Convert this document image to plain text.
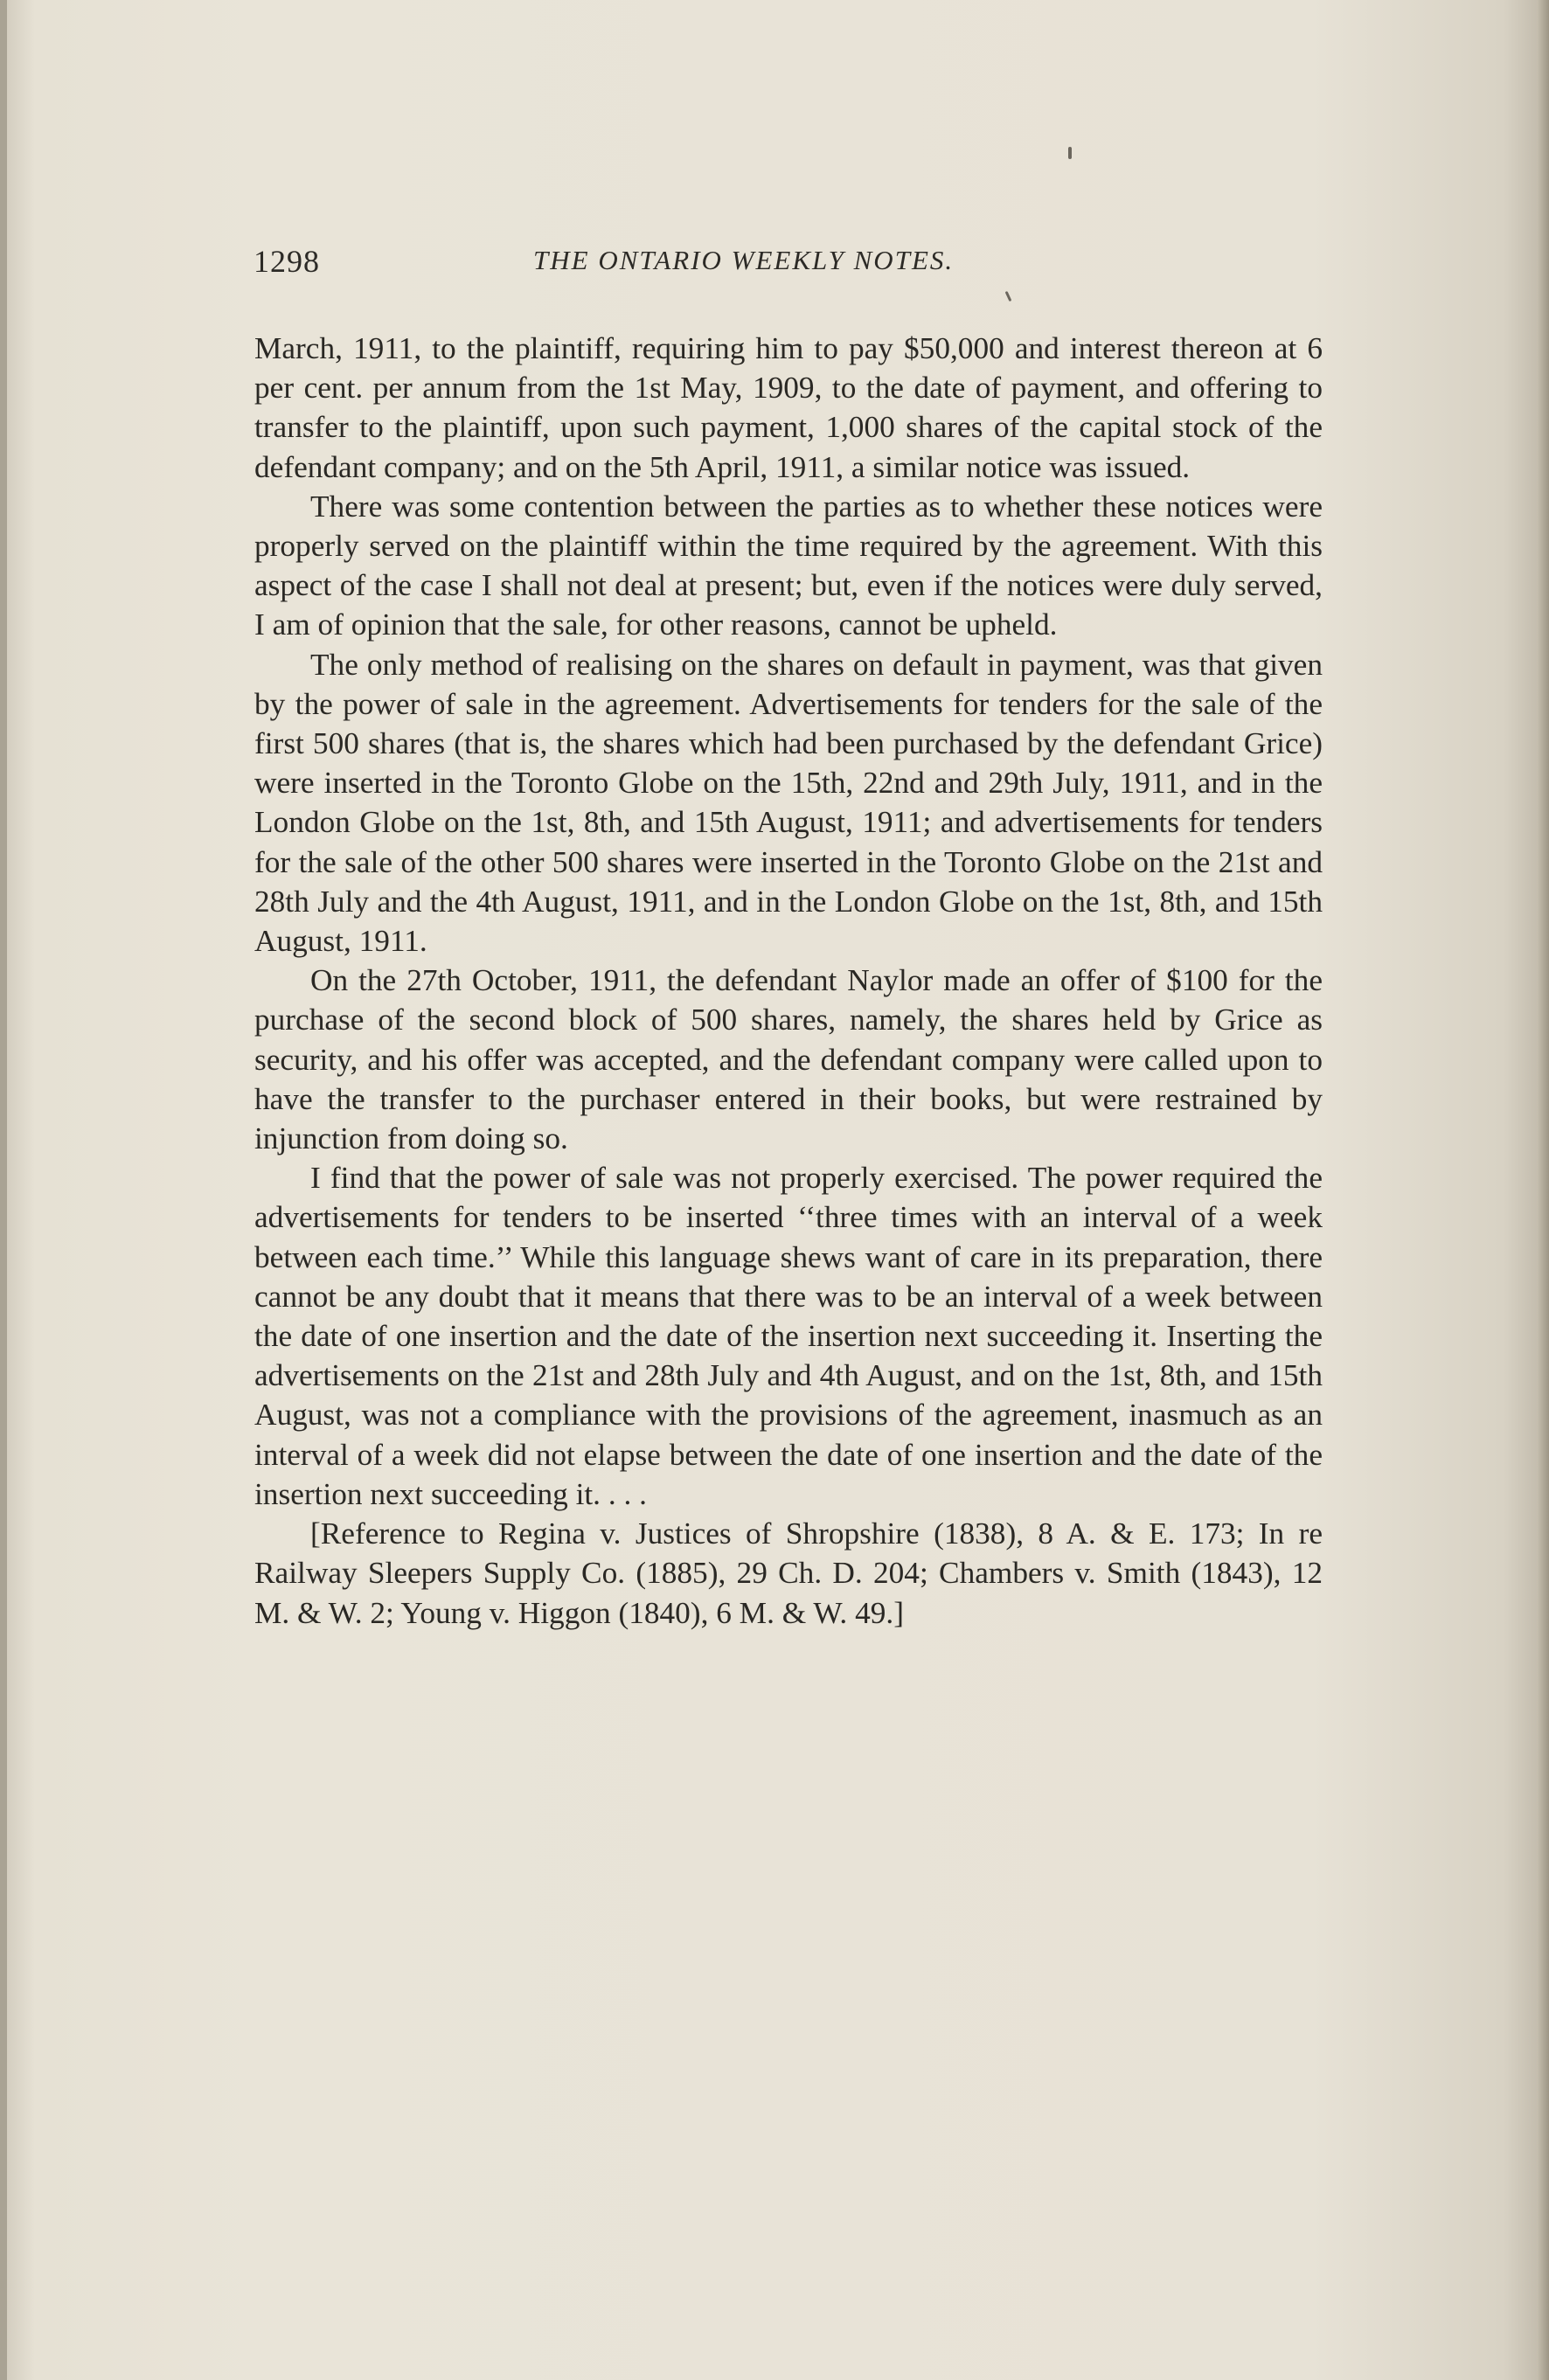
1298	THE ONTARIO WEEKLY NOTES.

March, 1911, to the plaintiff, requiring him to pay $50,000 and interest thereon at 6 per cent. per annum from the 1st May, 1909, to the date of payment, and offering to transfer to the plaintiff, upon such payment, 1,000 shares of the capital stock of the defendant company; and on the 5th April, 1911, a similar notice was issued.

There was some contention between the parties as to whether these notices were properly served on the plaintiff within the time required by the agreement. With this aspect of the case I shall not deal at present; but, even if the notices were duly served, I am of opinion that the sale, for other reasons, cannot be upheld.

The only method of realising on the shares on default in payment, was that given by the power of sale in the agreement. Advertisements for tenders for the sale of the first 500 shares (that is, the shares which had been purchased by the defendant Grice) were inserted in the Toronto Globe on the 15th, 22nd and 29th July, 1911, and in the London Globe on the 1st, 8th, and 15th August, 1911; and advertisements for tenders for the sale of the other 500 shares were inserted in the Toronto Globe on the 21st and 28th July and the 4th August, 1911, and in the London Globe on the 1st, 8th, and 15th August, 1911.

On the 27th October, 1911, the defendant Naylor made an offer of $100 for the purchase of the second block of 500 shares, namely, the shares held by Grice as security, and his offer was accepted, and the defendant company were called upon to have the transfer to the purchaser entered in their books, but were restrained by injunction from doing so.

I find that the power of sale was not properly exercised. The power required the advertisements for tenders to be inserted ‘‘three times with an interval of a week between each time.’’ While this language shews want of care in its preparation, there cannot be any doubt that it means that there was to be an interval of a week between the date of one insertion and the date of the insertion next succeeding it. Inserting the advertisements on the 21st and 28th July and 4th August, and on the 1st, 8th, and 15th August, was not a compliance with the provisions of the agreement, inasmuch as an interval of a week did not elapse between the date of one insertion and the date of the insertion next succeeding it. . . .

[Reference to Regina v. Justices of Shropshire (1838), 8 A. & E. 173; In re Railway Sleepers Supply Co. (1885), 29 Ch. D. 204; Chambers v. Smith (1843), 12 M. & W. 2; Young v. Higgon (1840), 6 M. & W. 49.]
